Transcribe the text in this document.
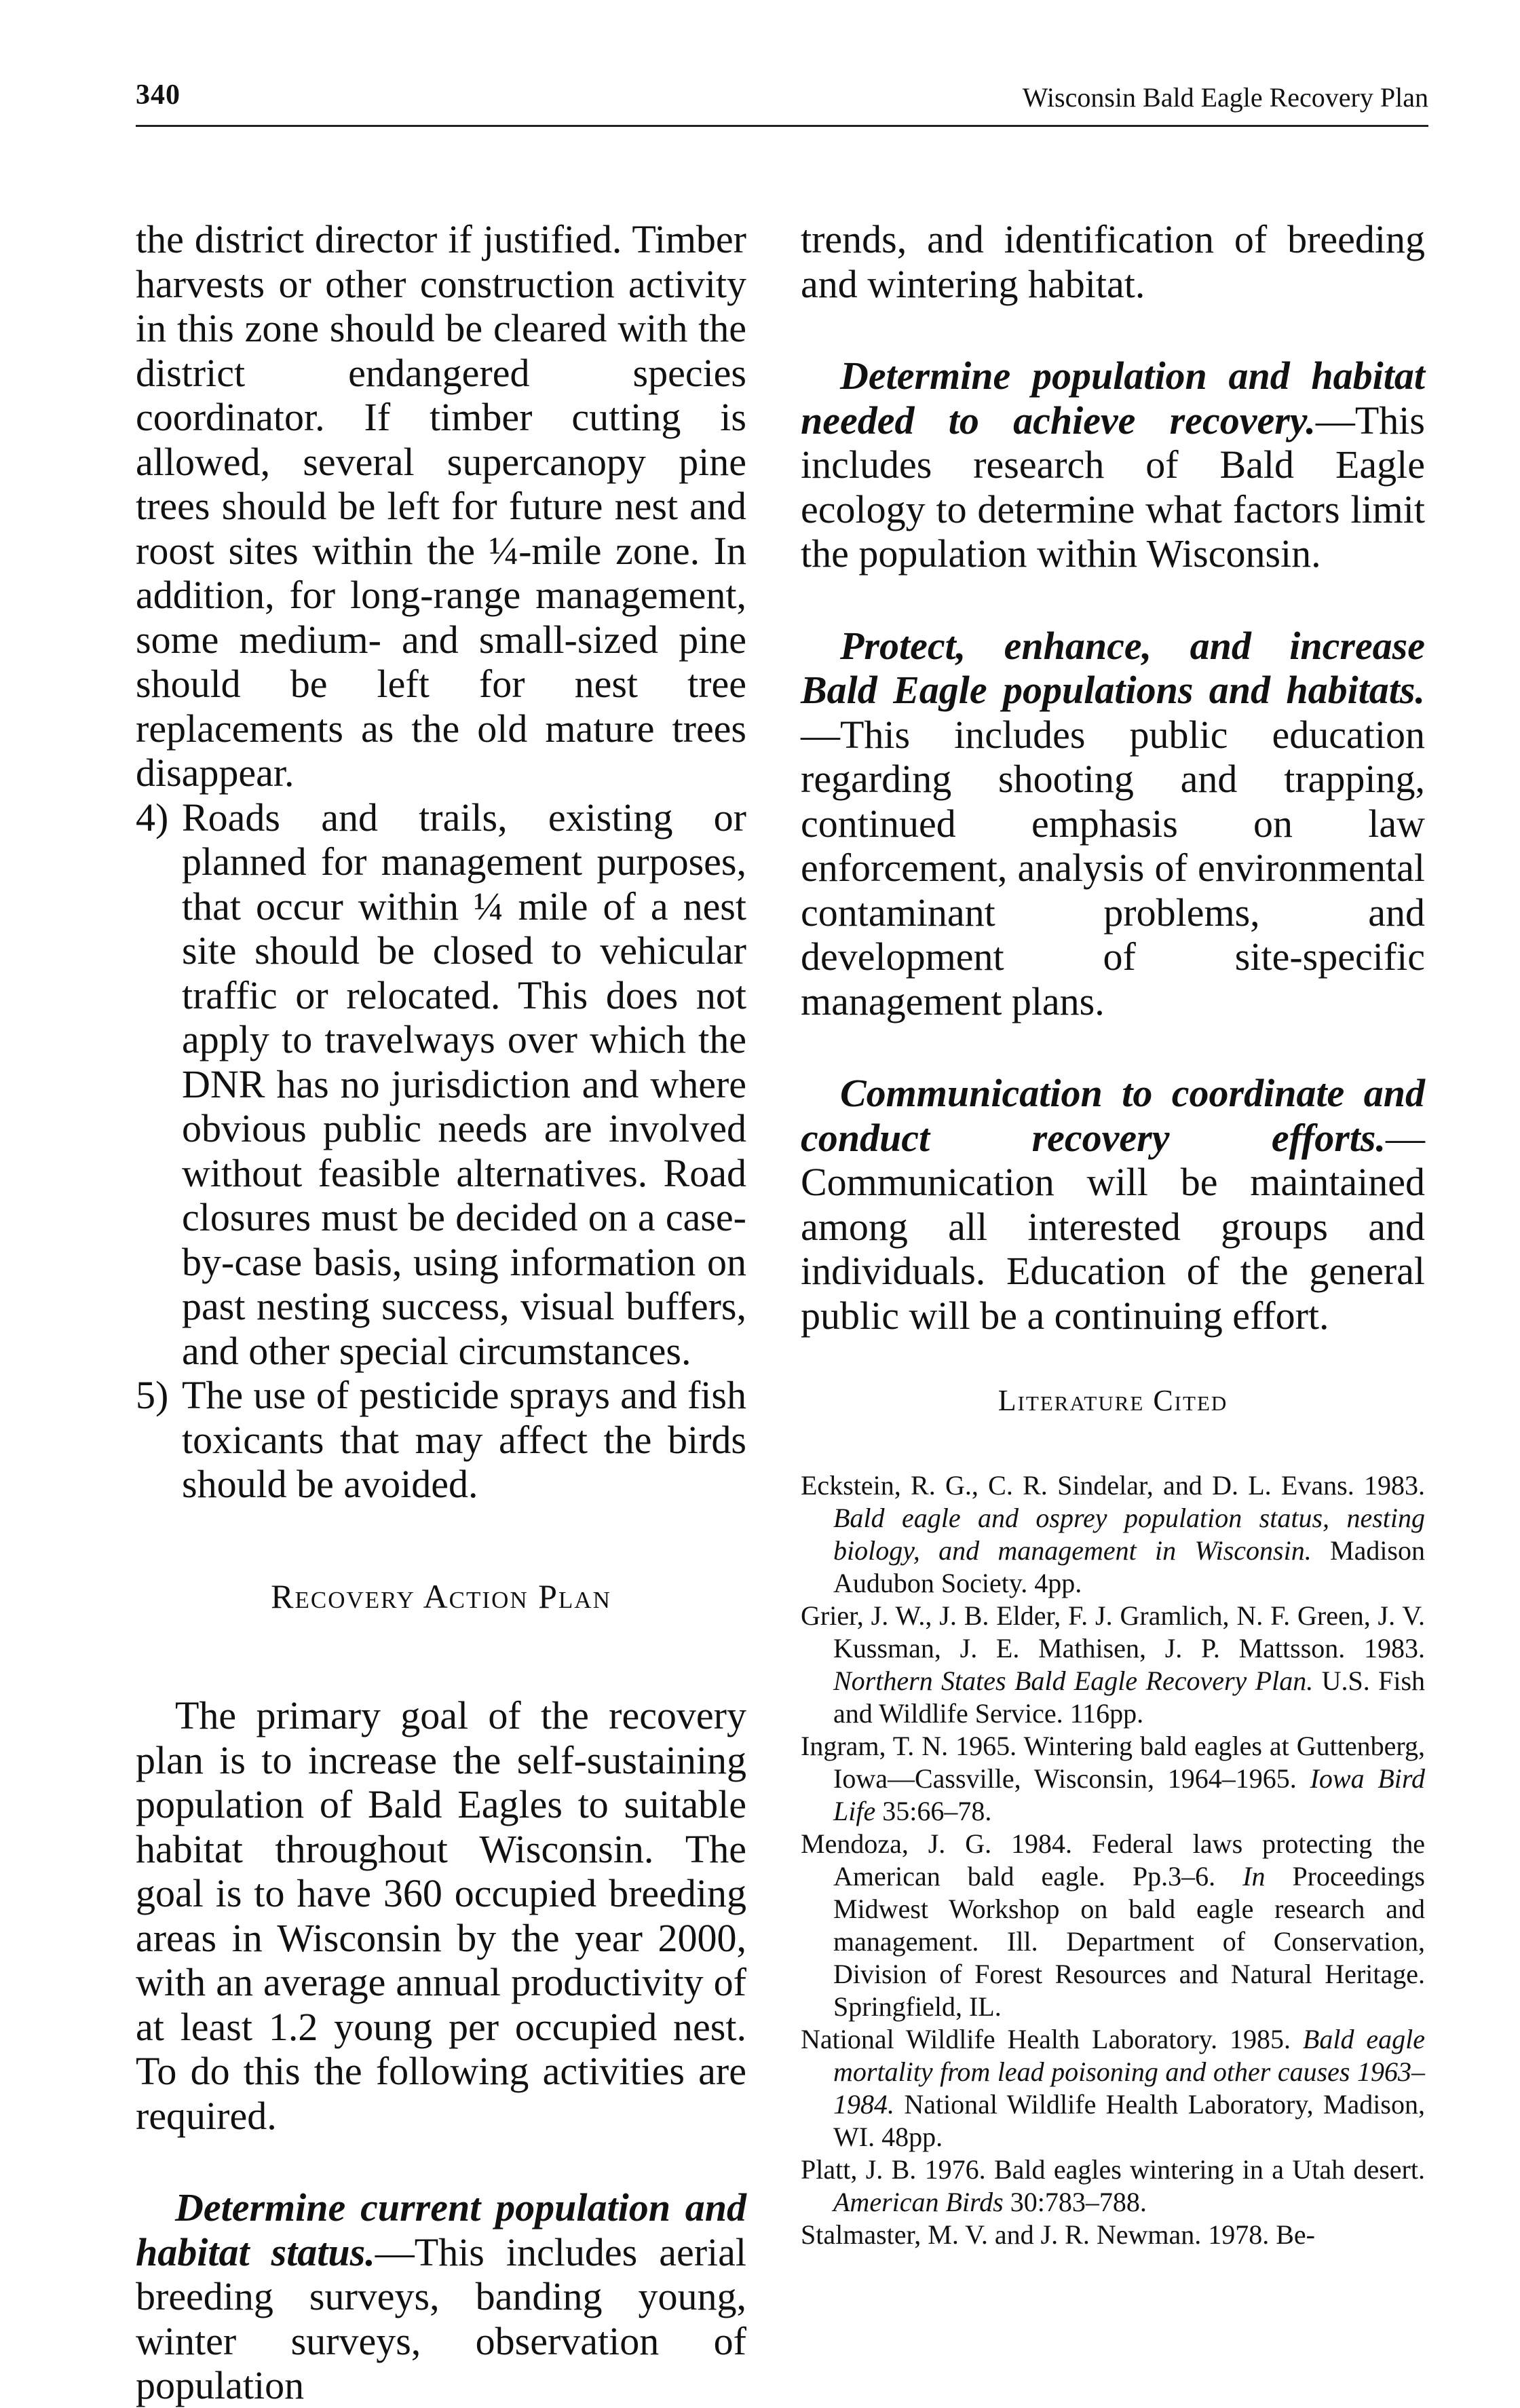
340	Wisconsin Bald Eagle Recovery Plan

the district director if justified. Timber harvests or other construction activity in this zone should be cleared with the district endangered species coordinator. If timber cutting is allowed, several supercanopy pine trees should be left for future nest and roost sites within the ¼-mile zone. In addition, for long-range management, some medium- and small-sized pine should be left for nest tree replacements as the old mature trees disappear.

4) Roads and trails, existing or planned for management purposes, that occur within ¼ mile of a nest site should be closed to vehicular traffic or relocated. This does not apply to travelways over which the DNR has no jurisdiction and where obvious public needs are involved without feasible alternatives. Road closures must be decided on a case-by-case basis, using information on past nesting success, visual buffers, and other special circumstances.
5) The use of pesticide sprays and fish toxicants that may affect the birds should be avoided.
Recovery Action Plan

The primary goal of the recovery plan is to increase the self-sustaining population of Bald Eagles to suitable habitat throughout Wisconsin. The goal is to have 360 occupied breeding areas in Wisconsin by the year 2000, with an average annual productivity of at least 1.2 young per occupied nest. To do this the following activities are required.

Determine current population and habitat status.—This includes aerial breeding surveys, banding young, winter surveys, observation of population

trends, and identification of breeding and wintering habitat.

Determine population and habitat needed to achieve recovery.—This includes research of Bald Eagle ecology to determine what factors limit the population within Wisconsin.

Protect, enhance, and increase Bald Eagle populations and habitats.—This includes public education regarding shooting and trapping, continued emphasis on law enforcement, analysis of environmental contaminant problems, and development of site-specific management plans.

Communication to coordinate and conduct recovery efforts.—Communication will be maintained among all interested groups and individuals. Education of the general public will be a continuing effort.

Literature Cited

Eckstein, R. G., C. R. Sindelar, and D. L. Evans. 1983. Bald eagle and osprey population status, nesting biology, and management in Wisconsin. Madison Audubon Society. 4pp.

Grier, J. W., J. B. Elder, F. J. Gramlich, N. F. Green, J. V. Kussman, J. E. Mathisen, J. P. Mattsson. 1983. Northern States Bald Eagle Recovery Plan. U.S. Fish and Wildlife Service. 116pp.

Ingram, T. N. 1965. Wintering bald eagles at Guttenberg, Iowa—Cassville, Wisconsin, 1964–1965. Iowa Bird Life 35:66–78.

Mendoza, J. G. 1984. Federal laws protecting the American bald eagle. Pp.3–6. In Proceedings Midwest Workshop on bald eagle research and management. Ill. Department of Conservation, Division of Forest Resources and Natural Heritage. Springfield, IL.

National Wildlife Health Laboratory. 1985. Bald eagle mortality from lead poisoning and other causes 1963–1984. National Wildlife Health Laboratory, Madison, WI. 48pp.

Platt, J. B. 1976. Bald eagles wintering in a Utah desert. American Birds 30:783–788.

Stalmaster, M. V. and J. R. Newman. 1978. Be-
